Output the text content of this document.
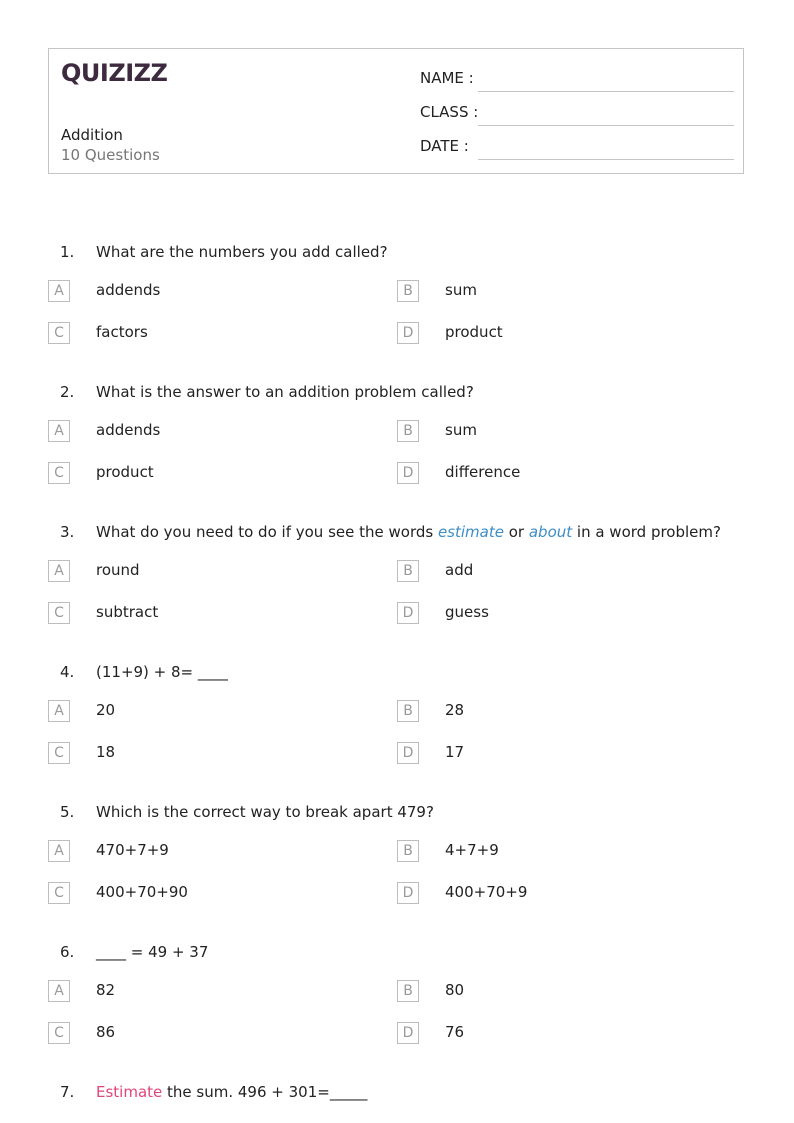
QUIZIZZ
Addition
10 Questions
NAME :
CLASS :
DATE :
1. What are the numbers you add called?
A	addends	B	sum
C	factors	D	product
2. What is the answer to an addition problem called?
A	addends	B	sum
C	product	D	difference
3. What do you need to do if you see the words estimate or about in a word problem?
A	round	B	add
C	subtract	D	guess
4. (11+9) + 8= ____
A	20	B	28
C	18	D	17
5. Which is the correct way to break apart 479?
A	470+7+9	B	4+7+9
C	400+70+90	D	400+70+9
6. ____ = 49 + 37
A	82	B	80
C	86	D	76
7. Estimate the sum. 496 + 301=_____
